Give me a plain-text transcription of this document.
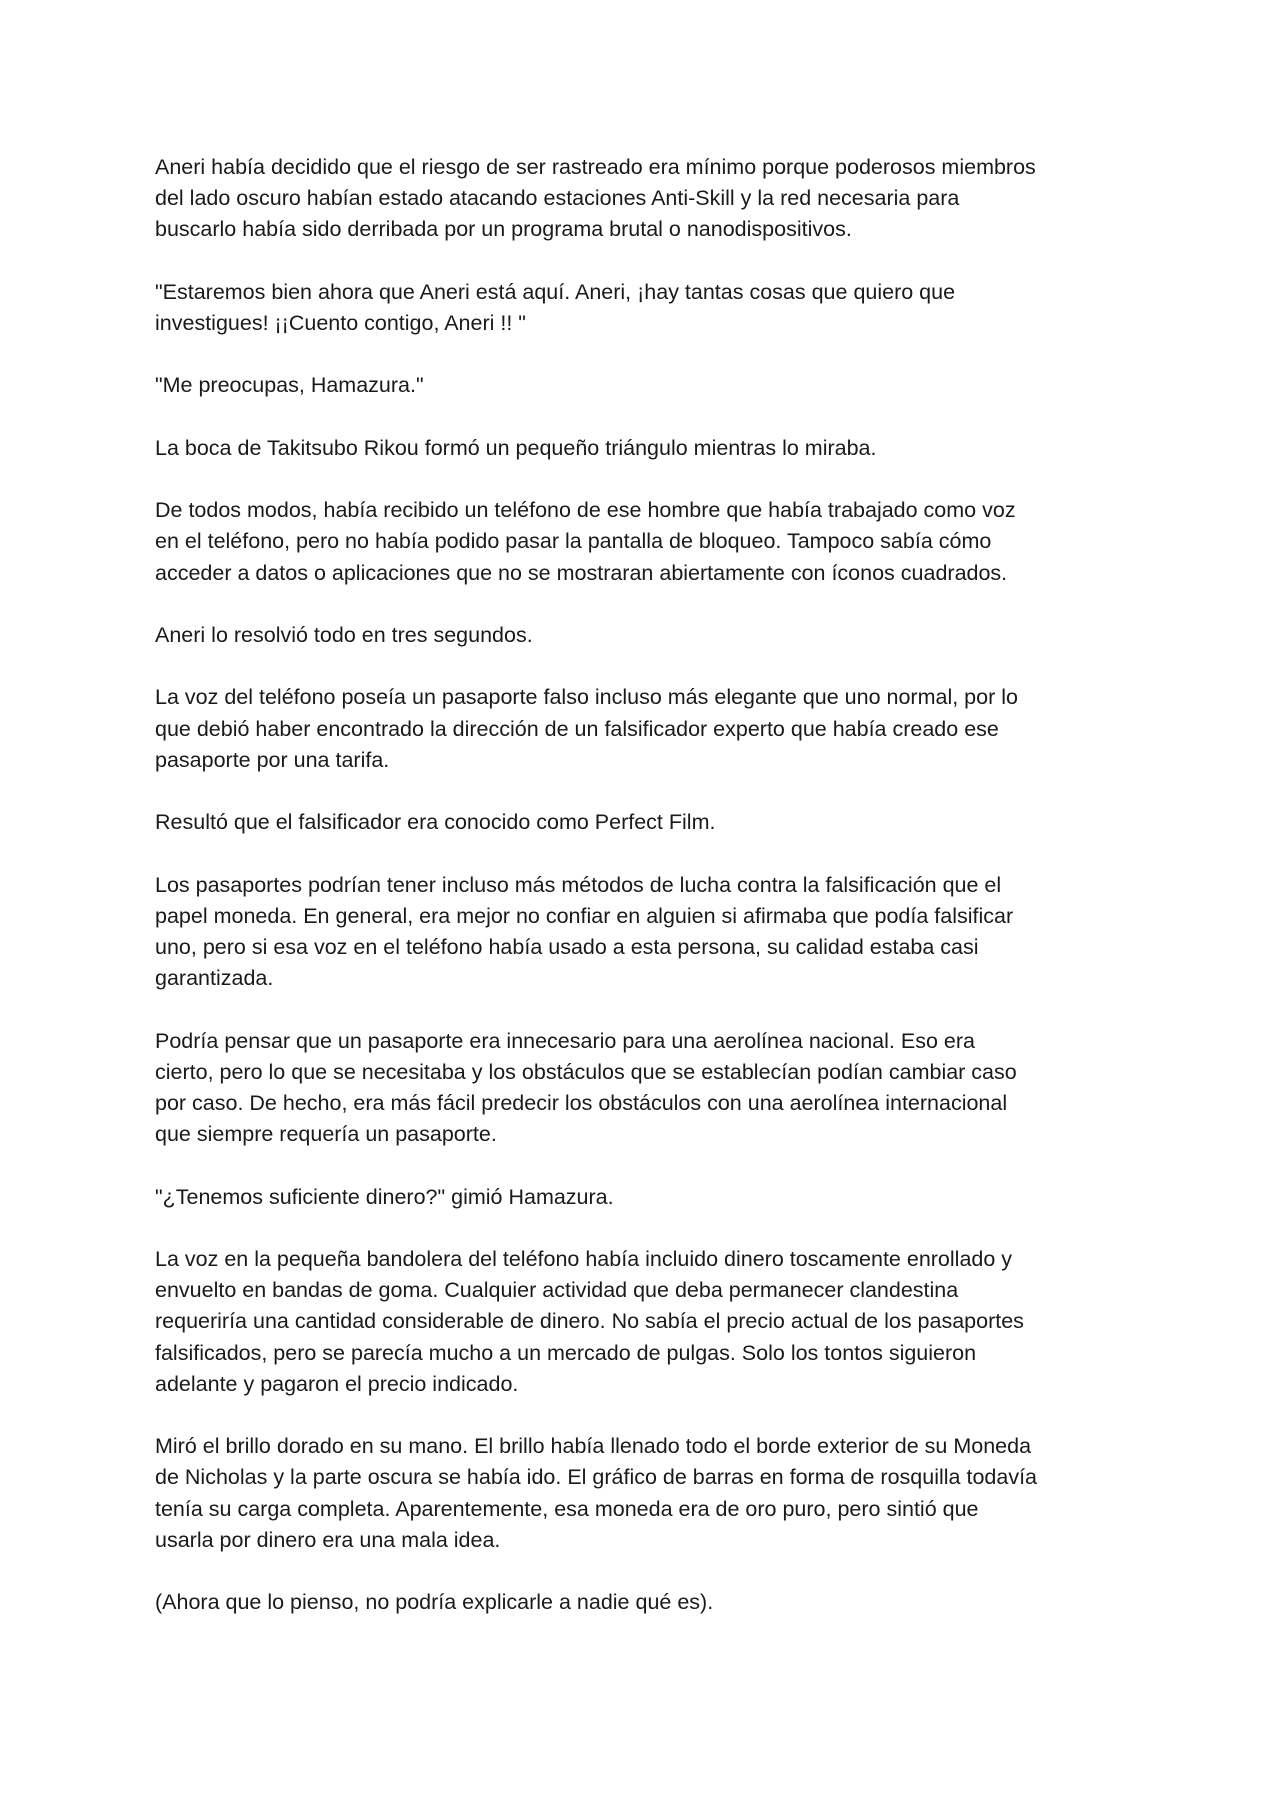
Aneri había decidido que el riesgo de ser rastreado era mínimo porque poderosos miembros
del lado oscuro habían estado atacando estaciones Anti-Skill y la red necesaria para
buscarlo había sido derribada por un programa brutal o nanodispositivos.

"Estaremos bien ahora que Aneri está aquí. Aneri, ¡hay tantas cosas que quiero que
investigues! ¡¡Cuento contigo, Aneri !! "

"Me preocupas, Hamazura."

La boca de Takitsubo Rikou formó un pequeño triángulo mientras lo miraba.

De todos modos, había recibido un teléfono de ese hombre que había trabajado como voz
en el teléfono, pero no había podido pasar la pantalla de bloqueo. Tampoco sabía cómo
acceder a datos o aplicaciones que no se mostraran abiertamente con íconos cuadrados.

Aneri lo resolvió todo en tres segundos.

La voz del teléfono poseía un pasaporte falso incluso más elegante que uno normal, por lo
que debió haber encontrado la dirección de un falsificador experto que había creado ese
pasaporte por una tarifa.

Resultó que el falsificador era conocido como Perfect Film.

Los pasaportes podrían tener incluso más métodos de lucha contra la falsificación que el
papel moneda. En general, era mejor no confiar en alguien si afirmaba que podía falsificar
uno, pero si esa voz en el teléfono había usado a esta persona, su calidad estaba casi
garantizada.

Podría pensar que un pasaporte era innecesario para una aerolínea nacional. Eso era
cierto, pero lo que se necesitaba y los obstáculos que se establecían podían cambiar caso
por caso. De hecho, era más fácil predecir los obstáculos con una aerolínea internacional
que siempre requería un pasaporte.

"¿Tenemos suficiente dinero?" gimió Hamazura.

La voz en la pequeña bandolera del teléfono había incluido dinero toscamente enrollado y
envuelto en bandas de goma. Cualquier actividad que deba permanecer clandestina
requeriría una cantidad considerable de dinero. No sabía el precio actual de los pasaportes
falsificados, pero se parecía mucho a un mercado de pulgas. Solo los tontos siguieron
adelante y pagaron el precio indicado.

Miró el brillo dorado en su mano. El brillo había llenado todo el borde exterior de su Moneda
de Nicholas y la parte oscura se había ido. El gráfico de barras en forma de rosquilla todavía
tenía su carga completa. Aparentemente, esa moneda era de oro puro, pero sintió que
usarla por dinero era una mala idea.

(Ahora que lo pienso, no podría explicarle a nadie qué es).
